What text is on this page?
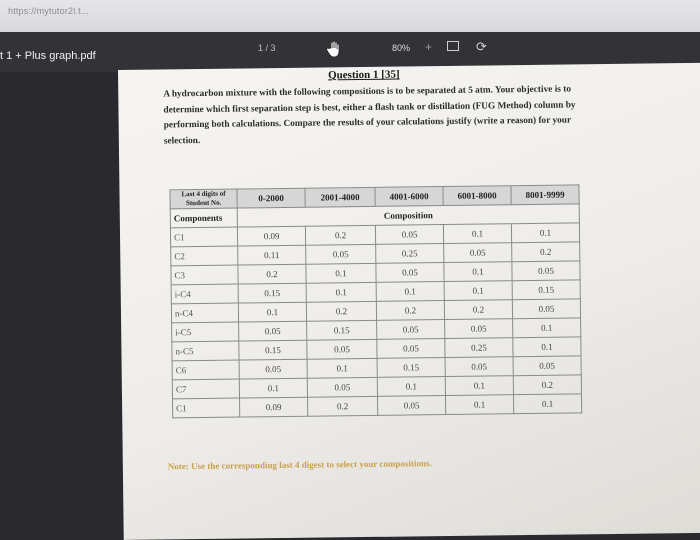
https://mytutor2l.t...
t 1 + Plus graph.pdf
1 / 3	80% +	⟳
Question 1 [35]
A hydrocarbon mixture with the following compositions is to be separated at 5 atm. Your objective is to determine which first separation step is best, either a flash tank or distillation (FUG Method) column by performing both calculations. Compare the results of your calculations justify (write a reason) for your selection.
Last 4 digits of Student No.	0-2000	2001-4000	4001-6000	6001-8000	8001-9999
Components	Composition				
C1	0.09	0.2	0.05	0.1	0.1
C2	0.11	0.05	0.25	0.05	0.2
C3	0.2	0.1	0.05	0.1	0.05
i-C4	0.15	0.1	0.1	0.1	0.15
n-C4	0.1	0.2	0.2	0.2	0.05
i-C5	0.05	0.15	0.05	0.05	0.1
n-C5	0.15	0.05	0.05	0.25	0.1
C6	0.05	0.1	0.15	0.05	0.05
C7	0.1	0.05	0.1	0.1	0.2
C1	0.09	0.2	0.05	0.1	0.1
Note: Use the corresponding last 4 digest to select your compositions.
